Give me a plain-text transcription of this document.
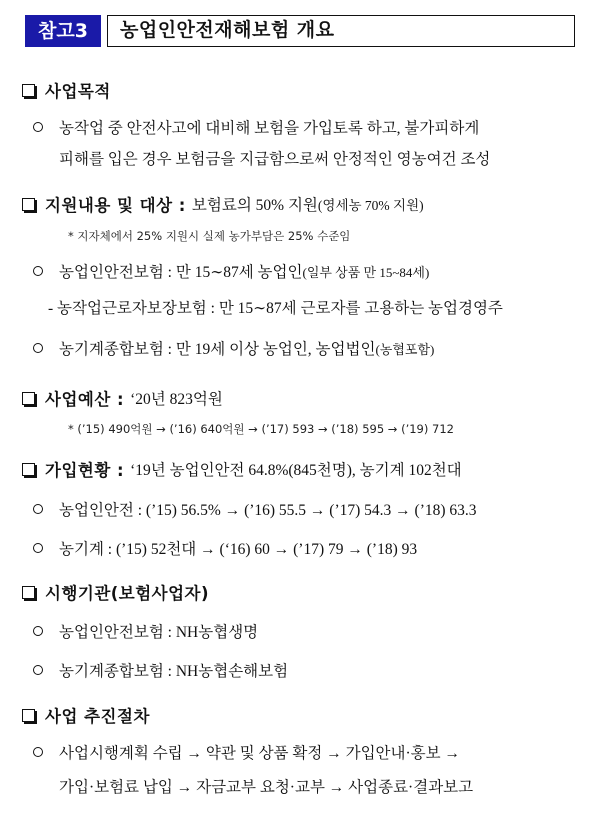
참고3	농업인안전재해보험 개요
사업목적
농작업 중 안전사고에 대비해 보험을 가입토록 하고, 불가피하게
피해를 입은 경우 보험금을 지급함으로써 안정적인 영농여건 조성
지원내용 및 대상 : 보험료의 50% 지원 (영세농 70% 지원)
* 지자체에서 25% 지원시 실제 농가부담은 25% 수준임
농업인안전보험 : 만 15∼87세 농업인(일부 상품 만 15~84세)
- 농작업근로자보장보험 : 만 15∼87세 근로자를 고용하는 농업경영주
농기계종합보험 : 만 19세 이상 농업인, 농업법인(농협포함)
사업예산 : ‘20년 823억원
* (’15) 490억원 → (’16) 640억원 → (’17) 593 → (’18) 595 → (’19) 712
가입현황 : ‘19년 농업인안전 64.8%(845천명), 농기계 102천대
농업인안전 : (’15) 56.5% → (’16) 55.5 → (’17) 54.3 → (’18) 63.3
농기계 : (’15) 52천대 → (‘16) 60 → (’17) 79 → (’18) 93
시행기관(보험사업자)
농업인안전보험 : NH농협생명
농기계종합보험 : NH농협손해보험
사업 추진절차
사업시행계획 수립 → 약관 및 상품 확정 → 가입안내·홍보 →
가입·보험료 납입 → 자금교부 요청·교부 → 사업종료·결과보고
